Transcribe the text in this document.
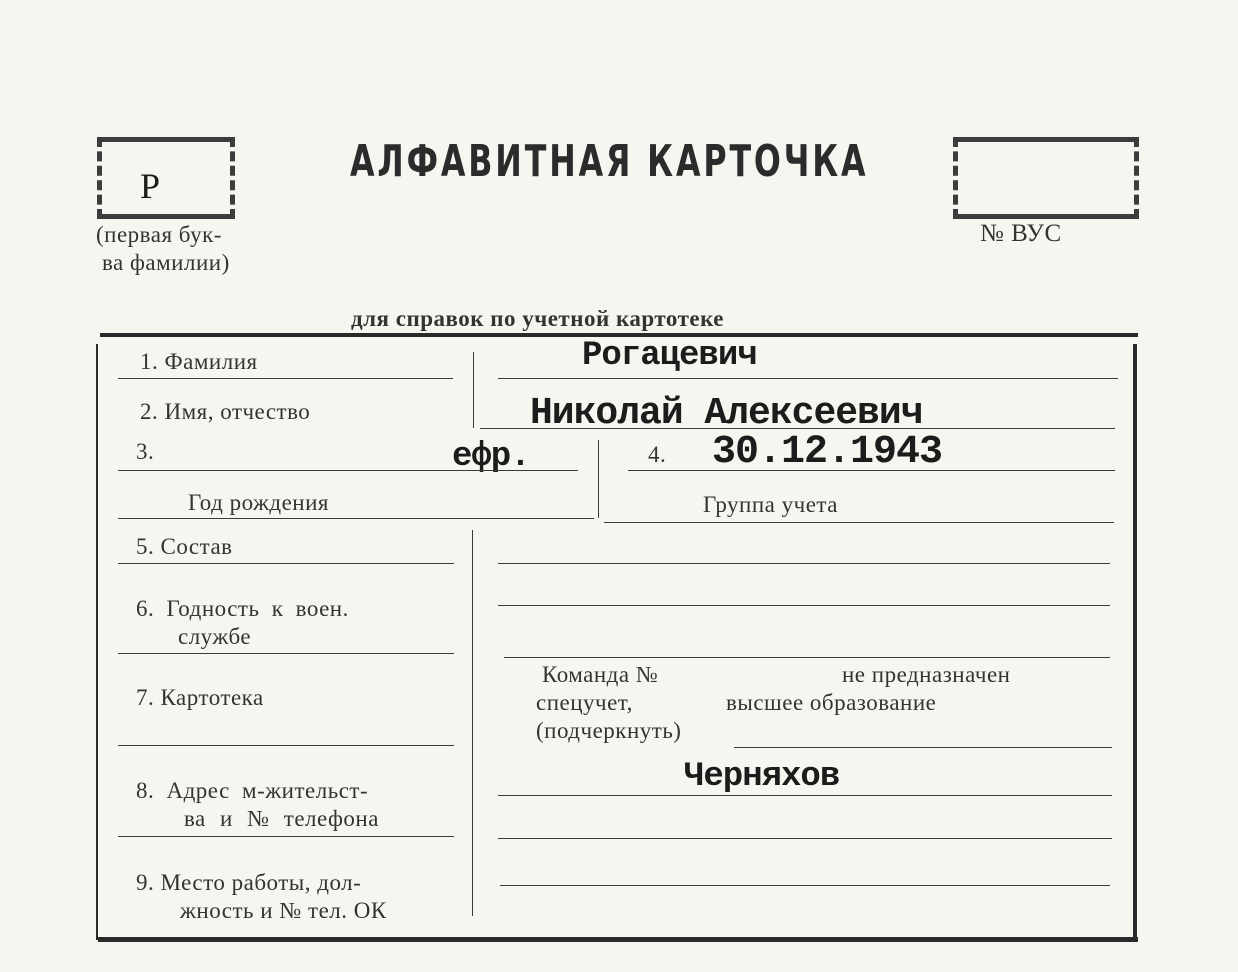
Р
(первая бук-
ва фамилии)
АЛФАВИТНАЯ КАРТОЧКА
№ ВУС
для справок по учетной картотеке
1. Фамилия	Рогацевич
2. Имя, отчество	Николай Алексеевич
3.	ефр.	4. 30.12.1943
Год рождения	Группа учета
5. Состав
6. Годность к воен.
службе
7. Картотека
Команда №	не предназначен
спецучет,	высшее образование
(подчеркнуть)
8. Адрес м-жительст-
ва и № телефона
Черняхов
9. Место работы, дол-
жность и № тел. ОК
